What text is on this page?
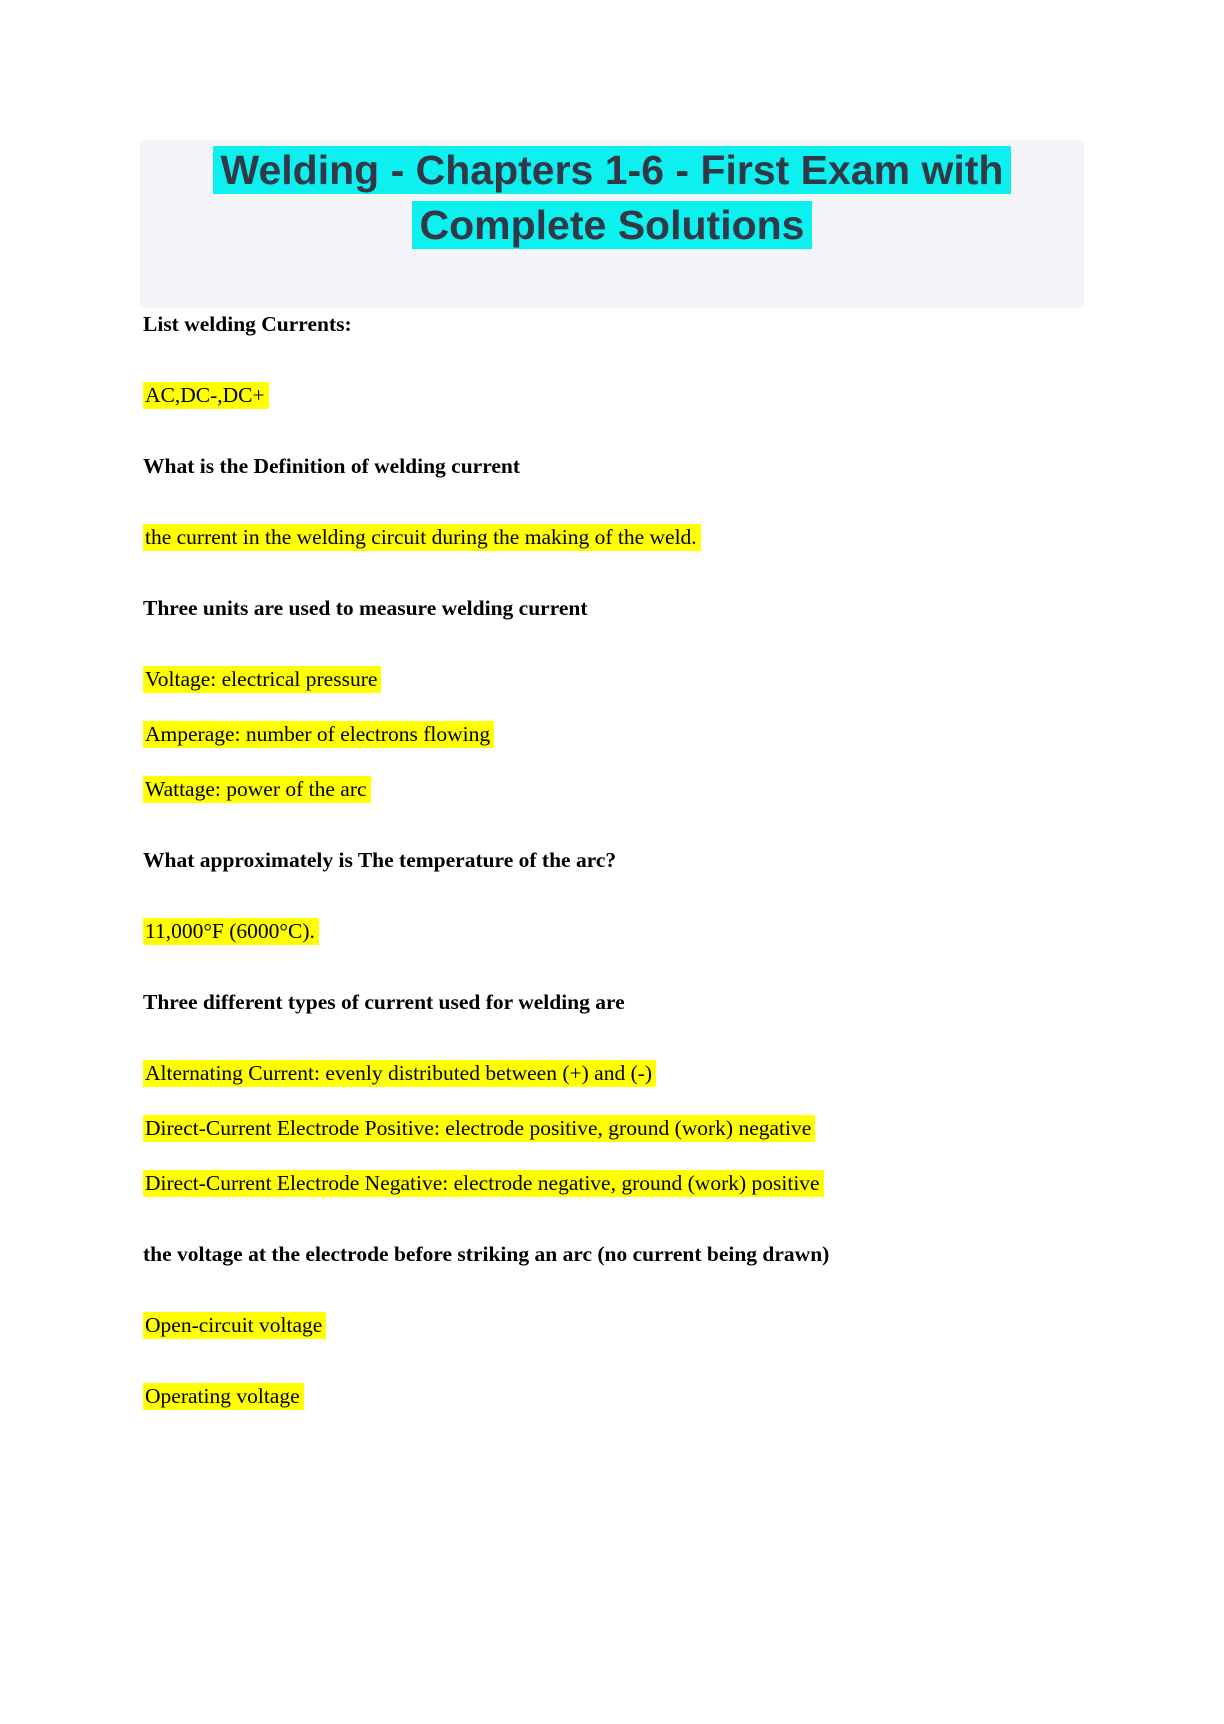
Welding - Chapters 1-6 - First Exam with
Complete Solutions

List welding Currents:

AC,DC-,DC+

What is the Definition of welding current

the current in the welding circuit during the making of the weld.

Three units are used to measure welding current

Voltage: electrical pressure

Amperage: number of electrons flowing

Wattage: power of the arc

What approximately is The temperature of the arc?

11,000°F (6000°C).

Three different types of current used for welding are

Alternating Current: evenly distributed between (+) and (-)

Direct-Current Electrode Positive: electrode positive, ground (work) negative

Direct-Current Electrode Negative: electrode negative, ground (work) positive

the voltage at the electrode before striking an arc (no current being drawn)

Open-circuit voltage

Operating voltage
